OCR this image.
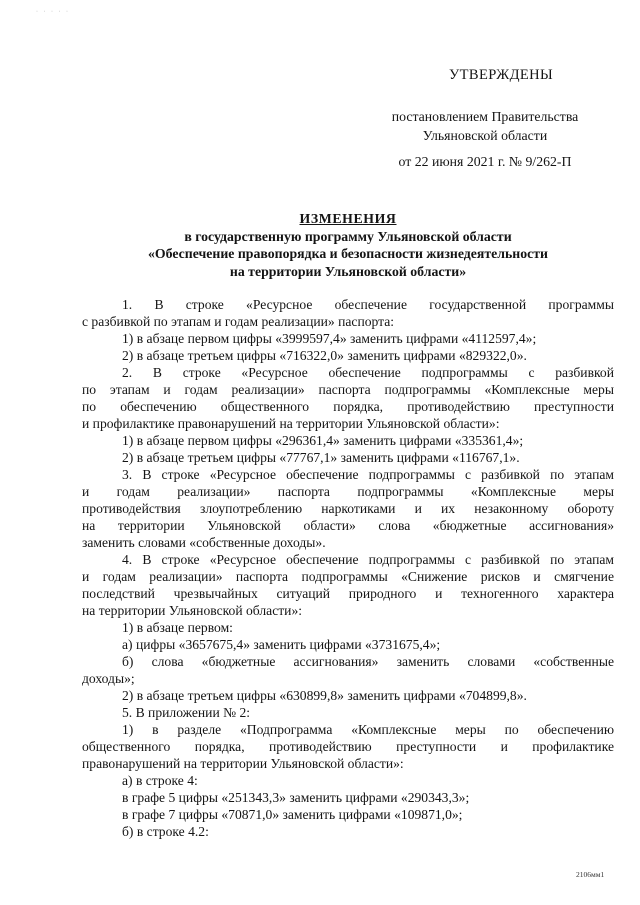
· · · · ·
УТВЕРЖДЕНЫ
постановлением Правительства
Ульяновской области
от 22 июня 2021 г. № 9/262-П
ИЗМЕНЕНИЯ
в государственную программу Ульяновской области
«Обеспечение правопорядка и безопасности жизнедеятельности
на территории Ульяновской области»

1. В строке «Ресурсное обеспечение государственной программы

с разбивкой по этапам и годам реализации» паспорта:

1) в абзаце первом цифры «3999597,4» заменить цифрами «4112597,4»;

2) в абзаце третьем цифры «716322,0» заменить цифрами «829322,0».

2. В строке «Ресурсное обеспечение подпрограммы с разбивкой

по этапам и годам реализации» паспорта подпрограммы «Комплексные меры

по обеспечению общественного порядка, противодействию преступности

и профилактике правонарушений на территории Ульяновской области»:

1) в абзаце первом цифры «296361,4» заменить цифрами «335361,4»;

2) в абзаце третьем цифры «77767,1» заменить цифрами «116767,1».

3. В строке «Ресурсное обеспечение подпрограммы с разбивкой по этапам

и годам реализации» паспорта подпрограммы «Комплексные меры

противодействия злоупотреблению наркотиками и их незаконному обороту

на территории Ульяновской области» слова «бюджетные ассигнования»

заменить словами «собственные доходы».

4. В строке «Ресурсное обеспечение подпрограммы с разбивкой по этапам

и годам реализации» паспорта подпрограммы «Снижение рисков и смягчение

последствий чрезвычайных ситуаций природного и техногенного характера

на территории Ульяновской области»:

1) в абзаце первом:

а) цифры «3657675,4» заменить цифрами «3731675,4»;

б) слова «бюджетные ассигнования» заменить словами «собственные

доходы»;

2) в абзаце третьем цифры «630899,8» заменить цифрами «704899,8».

5. В приложении № 2:

1) в разделе «Подпрограмма «Комплексные меры по обеспечению

общественного порядка, противодействию преступности и профилактике

правонарушений на территории Ульяновской области»:

а) в строке 4:

в графе 5 цифры «251343,3» заменить цифрами «290343,3»;

в графе 7 цифры «70871,0» заменить цифрами «109871,0»;

б) в строке 4.2:

2106мм1
